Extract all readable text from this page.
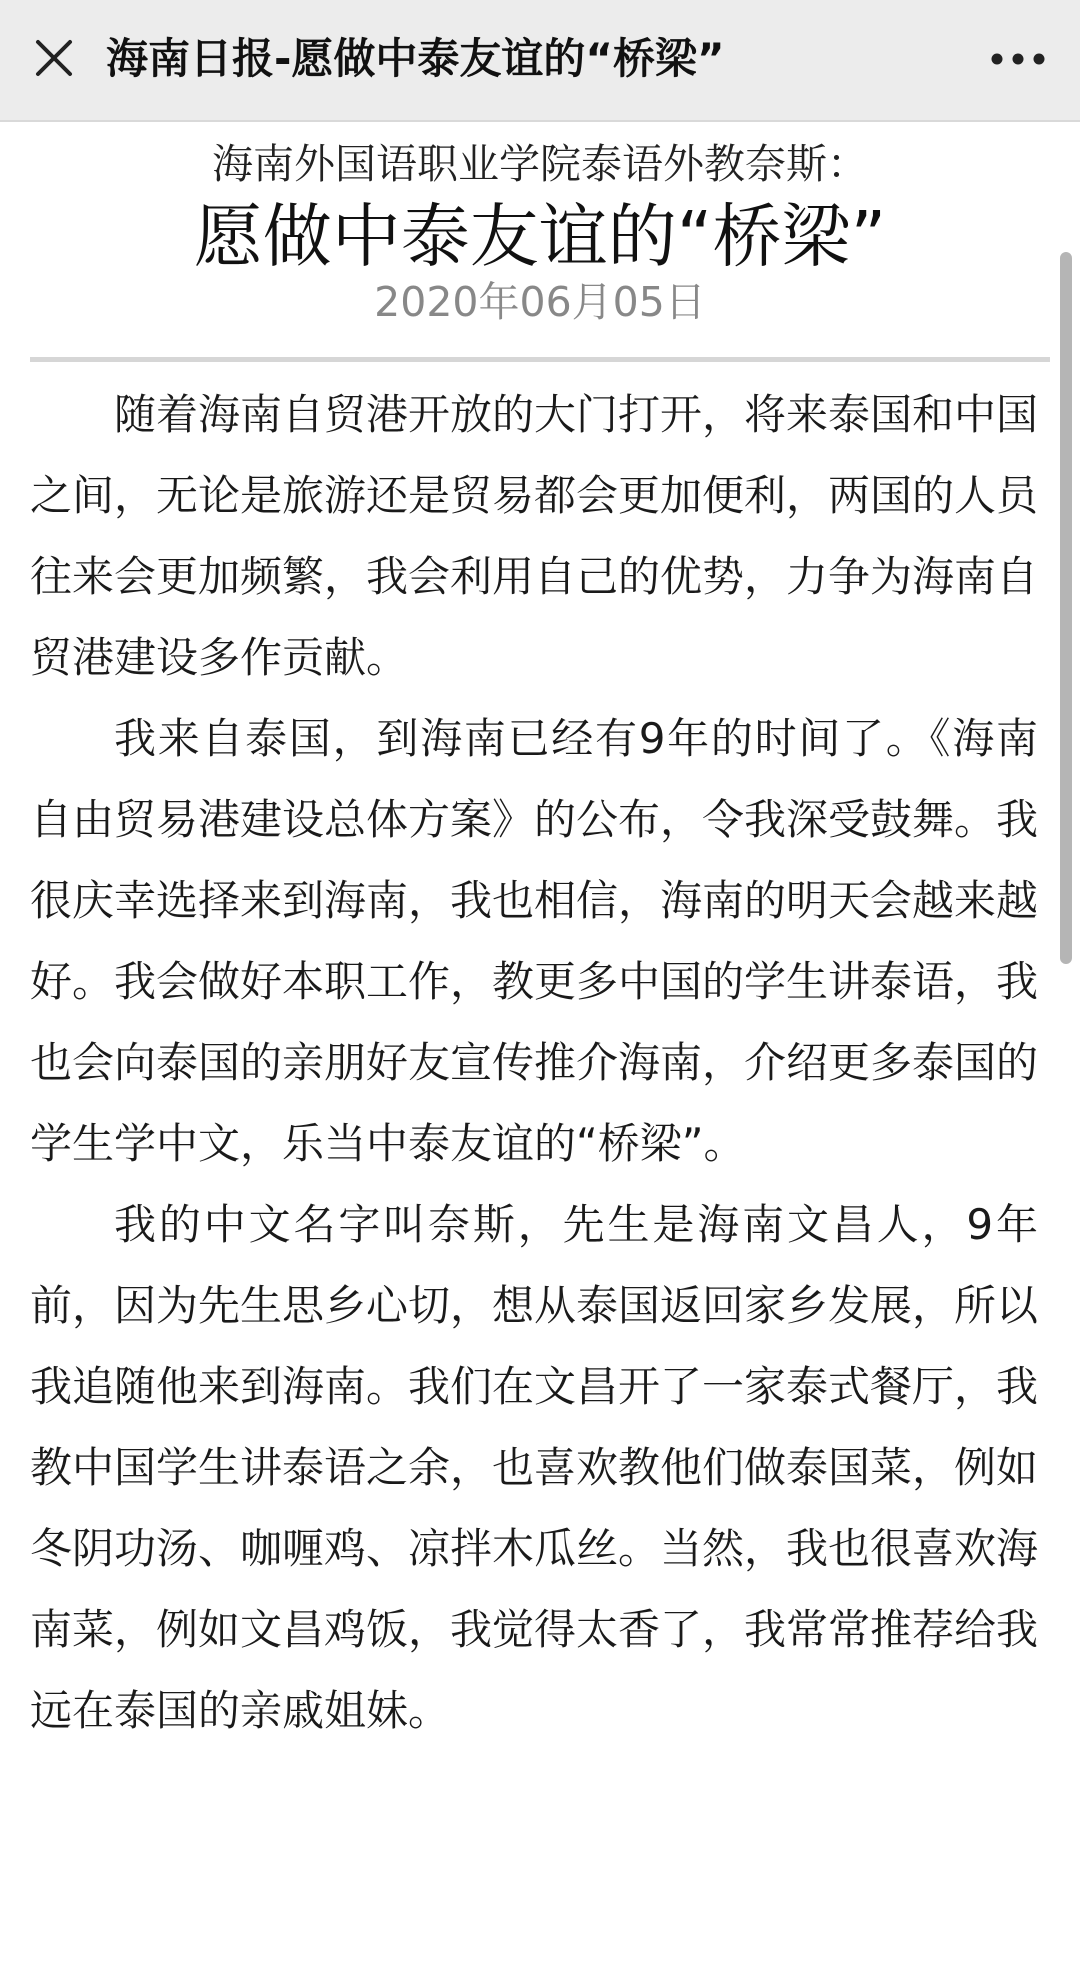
海南日报-愿做中泰友谊的“桥梁”
海南外国语职业学院泰语外教奈斯：
愿做中泰友谊的“桥梁”
2020年06月05日

随着海南自贸港开放的大门打开，将来泰国和中国之间，无论是旅游还是贸易都会更加便利，两国的人员往来会更加频繁，我会利用自己的优势，力争为海南自贸港建设多作贡献。

我来自泰国，到海南已经有9年的时间了。《海南自由贸易港建设总体方案》的公布，令我深受鼓舞。我很庆幸选择来到海南，我也相信，海南的明天会越来越好。我会做好本职工作，教更多中国的学生讲泰语，我也会向泰国的亲朋好友宣传推介海南，介绍更多泰国的学生学中文，乐当中泰友谊的“桥梁”。

我的中文名字叫奈斯，先生是海南文昌人，9年前，因为先生思乡心切，想从泰国返回家乡发展，所以我追随他来到海南。我们在文昌开了一家泰式餐厅，我教中国学生讲泰语之余，也喜欢教他们做泰国菜，例如冬阴功汤、咖喱鸡、凉拌木瓜丝。当然，我也很喜欢海南菜，例如文昌鸡饭，我觉得太香了，我常常推荐给我远在泰国的亲戚姐妹。
